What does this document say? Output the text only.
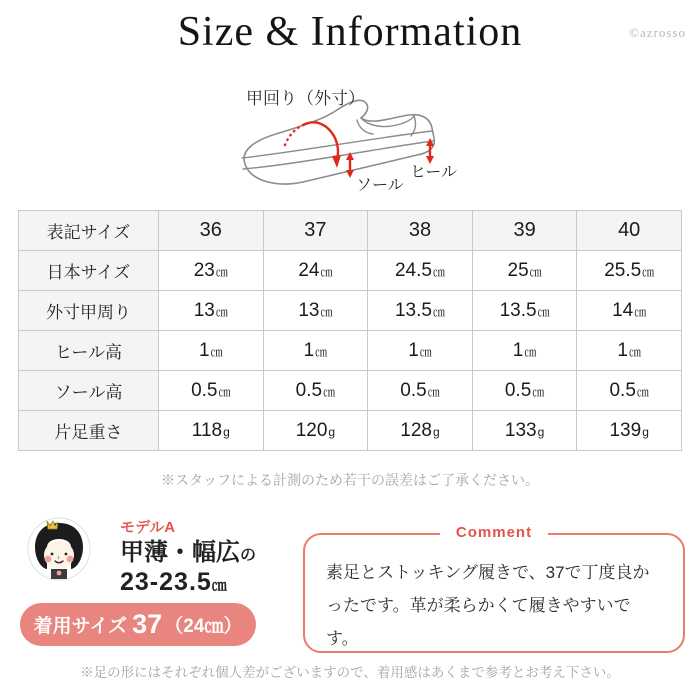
Size & Information	©azrosso
甲回り（外寸）
ソール
ヒール
表記サイズ	36	37	38	39	40
日本サイズ	23㎝	24㎝	24.5㎝	25㎝	25.5㎝
外寸甲周り	13㎝	13㎝	13.5㎝	13.5㎝	14㎝
ヒール高	1㎝	1㎝	1㎝	1㎝	1㎝
ソール高	0.5㎝	0.5㎝	0.5㎝	0.5㎝	0.5㎝
片足重さ	118g	120g	128g	133g	139g

※スタッフによる計測のため若干の誤差はご了承ください。

モデルA
甲薄・幅広の
23-23.5㎝
着用サイズ 37 （24㎝）
Comment

素足とストッキング履きで、37で丁度良かったです。革が柔らかくて履きやすいです。

※足の形にはそれぞれ個人差がございますので、着用感はあくまで参考とお考え下さい。
